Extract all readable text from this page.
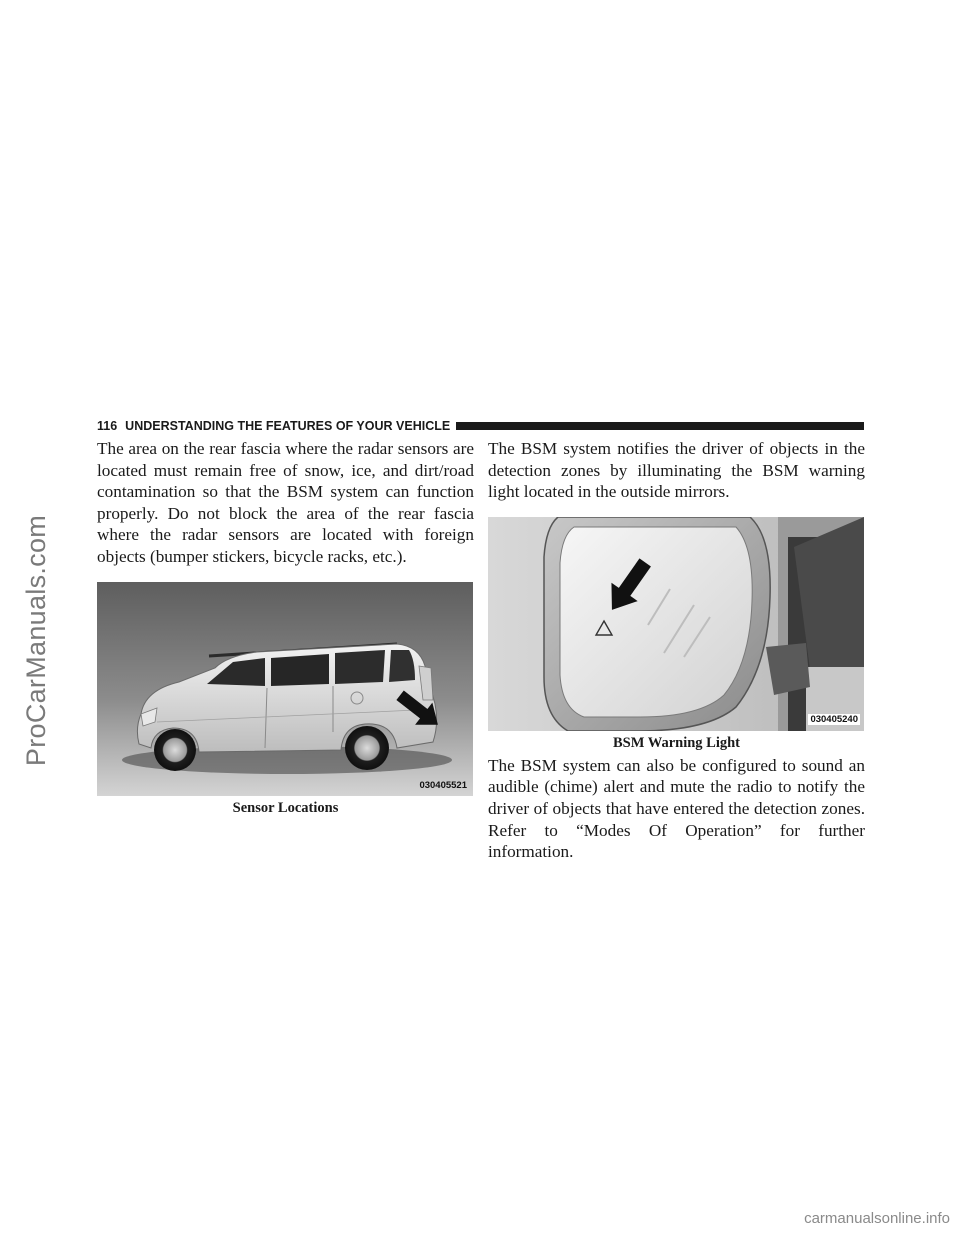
ProCarManuals.com
116 UNDERSTANDING THE FEATURES OF YOUR VEHICLE

The area on the rear fascia where the radar sensors are located must remain free of snow, ice, and dirt/road contamination so that the BSM system can function properly. Do not block the area of the rear fascia where the radar sensors are located with foreign objects (bumper stickers, bicycle racks, etc.).

030405521
Sensor Locations

The BSM system notifies the driver of objects in the detection zones by illuminating the BSM warning light located in the outside mirrors.

030405240
BSM Warning Light

The BSM system can also be configured to sound an audible (chime) alert and mute the radio to notify the driver of objects that have entered the detection zones. Refer to “Modes Of Operation” for further information.

carmanualsonline.info
